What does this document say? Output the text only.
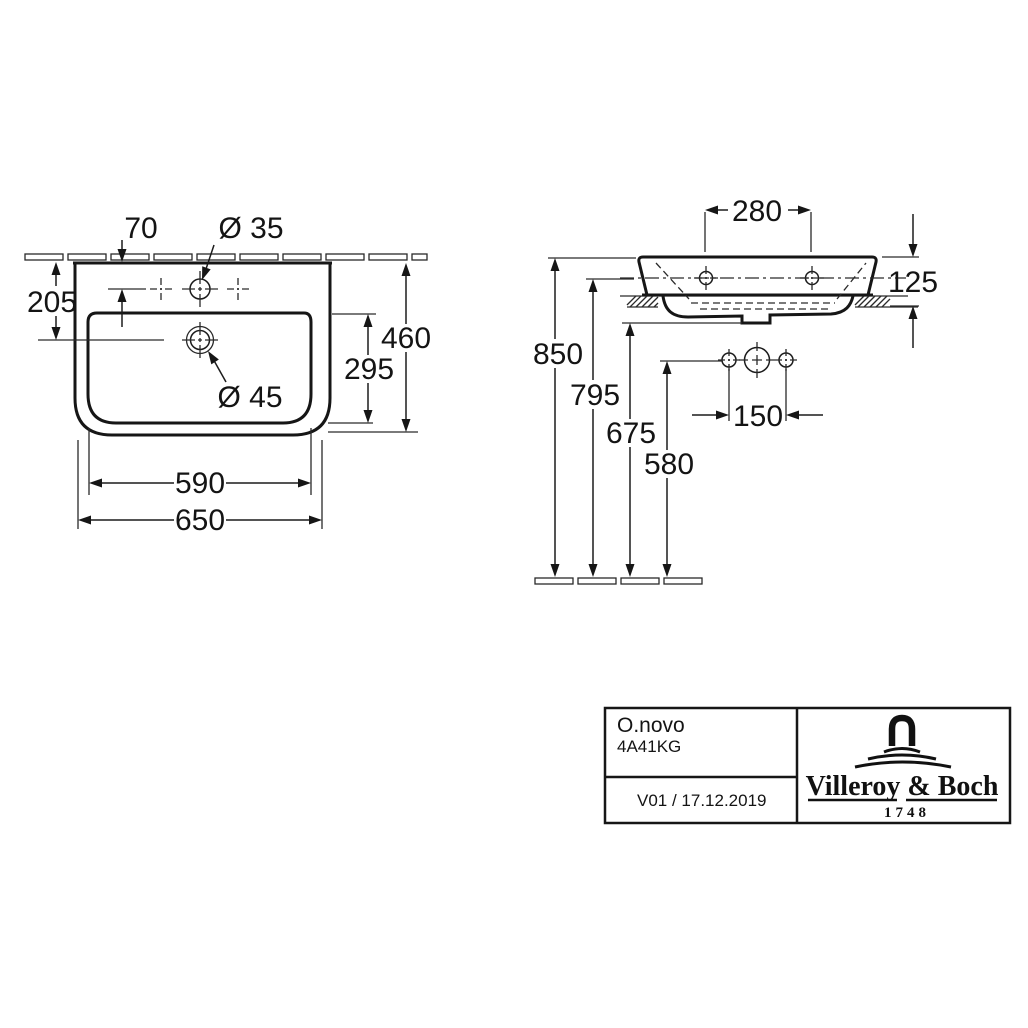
70 Ø 35
Ø 45
205
460
295
590
650
280
125
150
850
795
675
580
O.novo
4A41KG
V01 / 17.12.2019 Villeroy & Boch
1748
